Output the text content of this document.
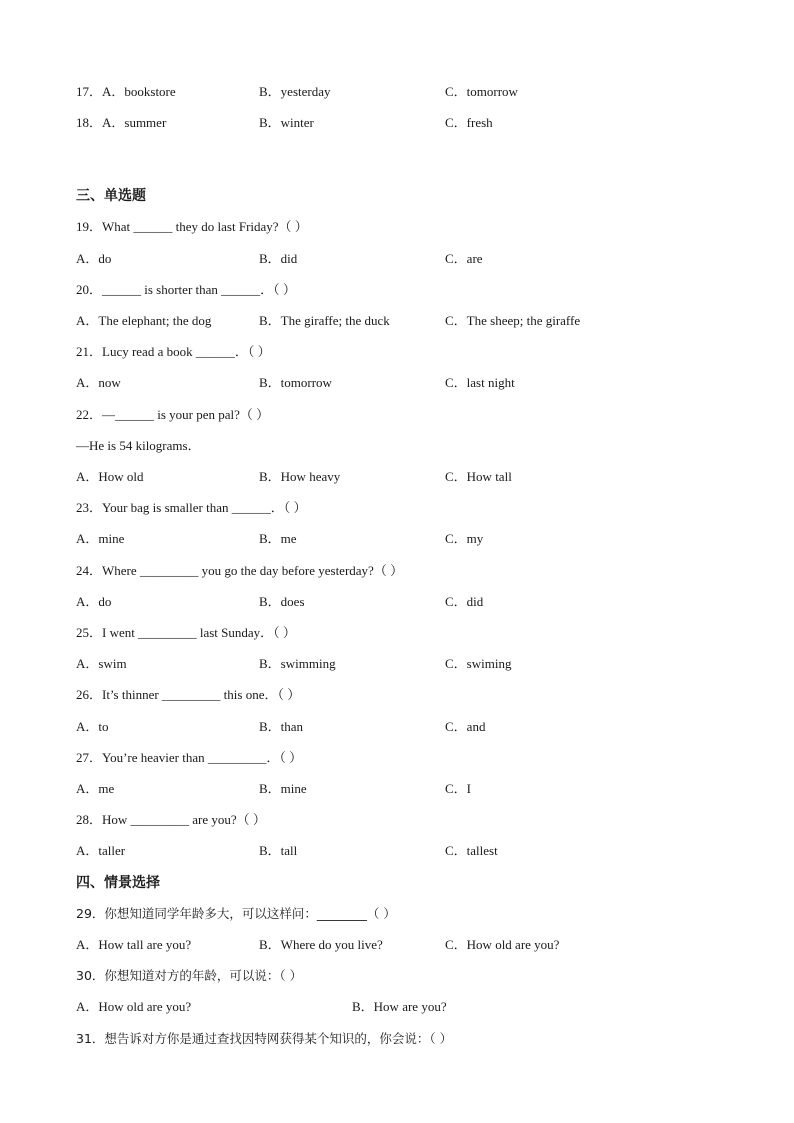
17．A．bookstore	B．yesterday	C．tomorrow
18．A．summer	B．winter	C．fresh
三、单选题
19．What ______ they do last Friday?（ ）
A．do	B．did	C．are
20．______ is shorter than ______．（ ）
A．The elephant; the dog	B．The giraffe; the duck	C．The sheep; the giraffe
21．Lucy read a book ______．（ ）
A．now	B．tomorrow	C．last night
22．—______ is your pen pal?（ ）
—He is 54 kilograms．
A．How old	B．How heavy	C．How tall
23．Your bag is smaller than ______．（ ）
A．mine	B．me	C．my
24．Where _________ you go the day before yesterday?（ ）
A．do	B．does	C．did
25．I went _________ last Sunday．（ ）
A．swim	B．swimming	C．swiming
26．It’s thinner _________ this one．（ ）
A．to	B．than	C．and
27．You’re heavier than _________．（ ）
A．me	B．mine	C．I
28．How _________ are you?（ ）
A．taller	B．tall	C．tallest
四、情景选择
29．你想知道同学年龄多大，可以这样问：________（ ）
A．How tall are you?	B．Where do you live?	C．How old are you?
30．你想知道对方的年龄，可以说：（ ）
A．How old are you?	B．How are you?
31．想告诉对方你是通过查找因特网获得某个知识的，你会说：（ ）
